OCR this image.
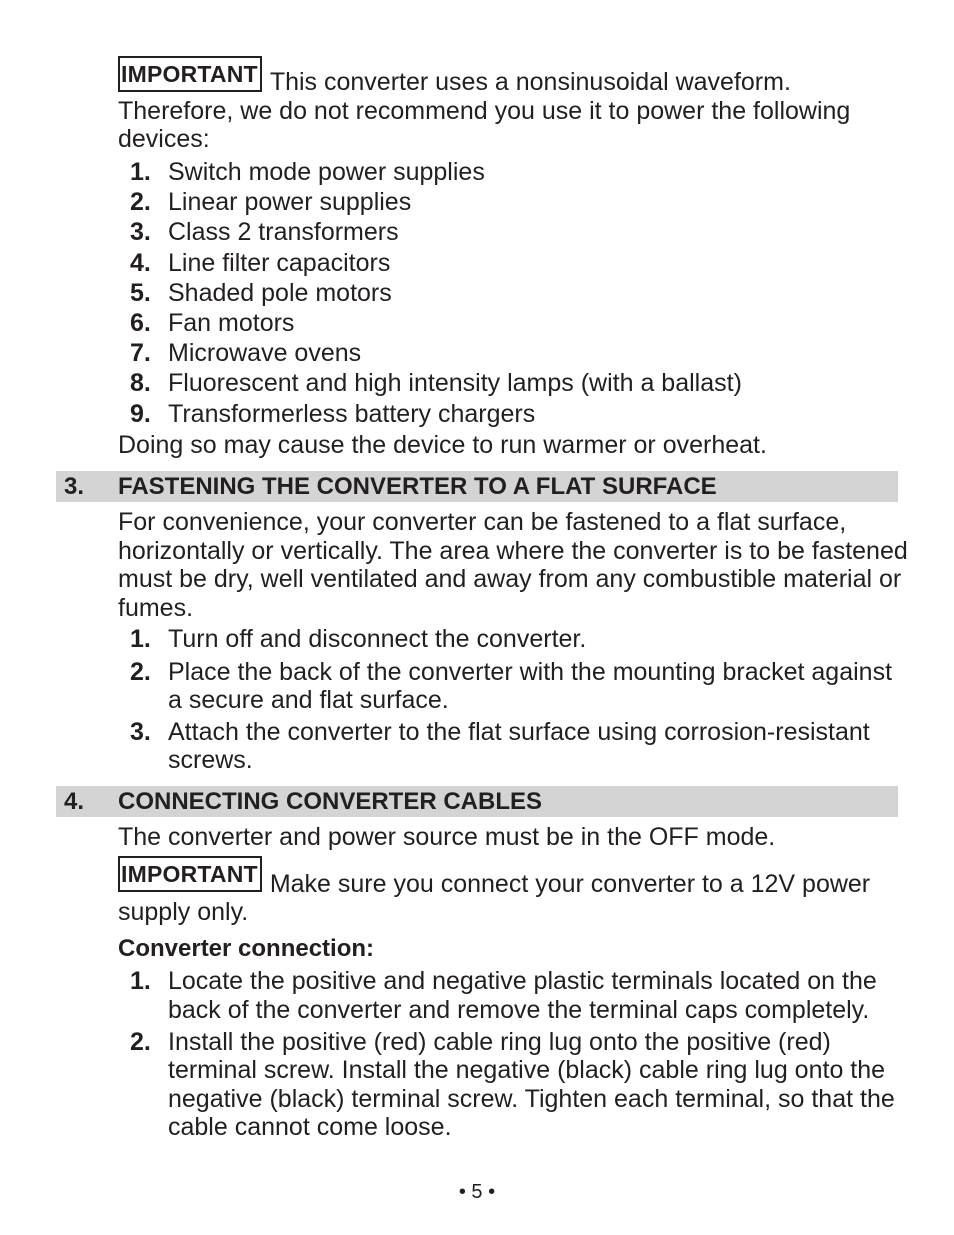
IMPORTANT This converter uses a nonsinusoidal waveform.
Therefore, we do not recommend you use it to power the following devices:
1. Switch mode power supplies
2. Linear power supplies
3. Class 2 transformers
4. Line filter capacitors
5. Shaded pole motors
6. Fan motors
7. Microwave ovens
8. Fluorescent and high intensity lamps (with a ballast)
9. Transformerless battery chargers
Doing so may cause the device to run warmer or overheat.
3. FASTENING THE CONVERTER TO A FLAT SURFACE
For convenience, your converter can be fastened to a flat surface, horizontally or vertically. The area where the converter is to be fastened must be dry, well ventilated and away from any combustible material or fumes.
1. Turn off and disconnect the converter.
2. Place the back of the converter with the mounting bracket against a secure and flat surface.
3. Attach the converter to the flat surface using corrosion-resistant screws.
4. CONNECTING CONVERTER CABLES
The converter and power source must be in the OFF mode.
IMPORTANT Make sure you connect your converter to a 12V power supply only.
Converter connection:
1. Locate the positive and negative plastic terminals located on the back of the converter and remove the terminal caps completely.
2. Install the positive (red) cable ring lug onto the positive (red) terminal screw. Install the negative (black) cable ring lug onto the negative (black) terminal screw. Tighten each terminal, so that the cable cannot come loose.
• 5 •
